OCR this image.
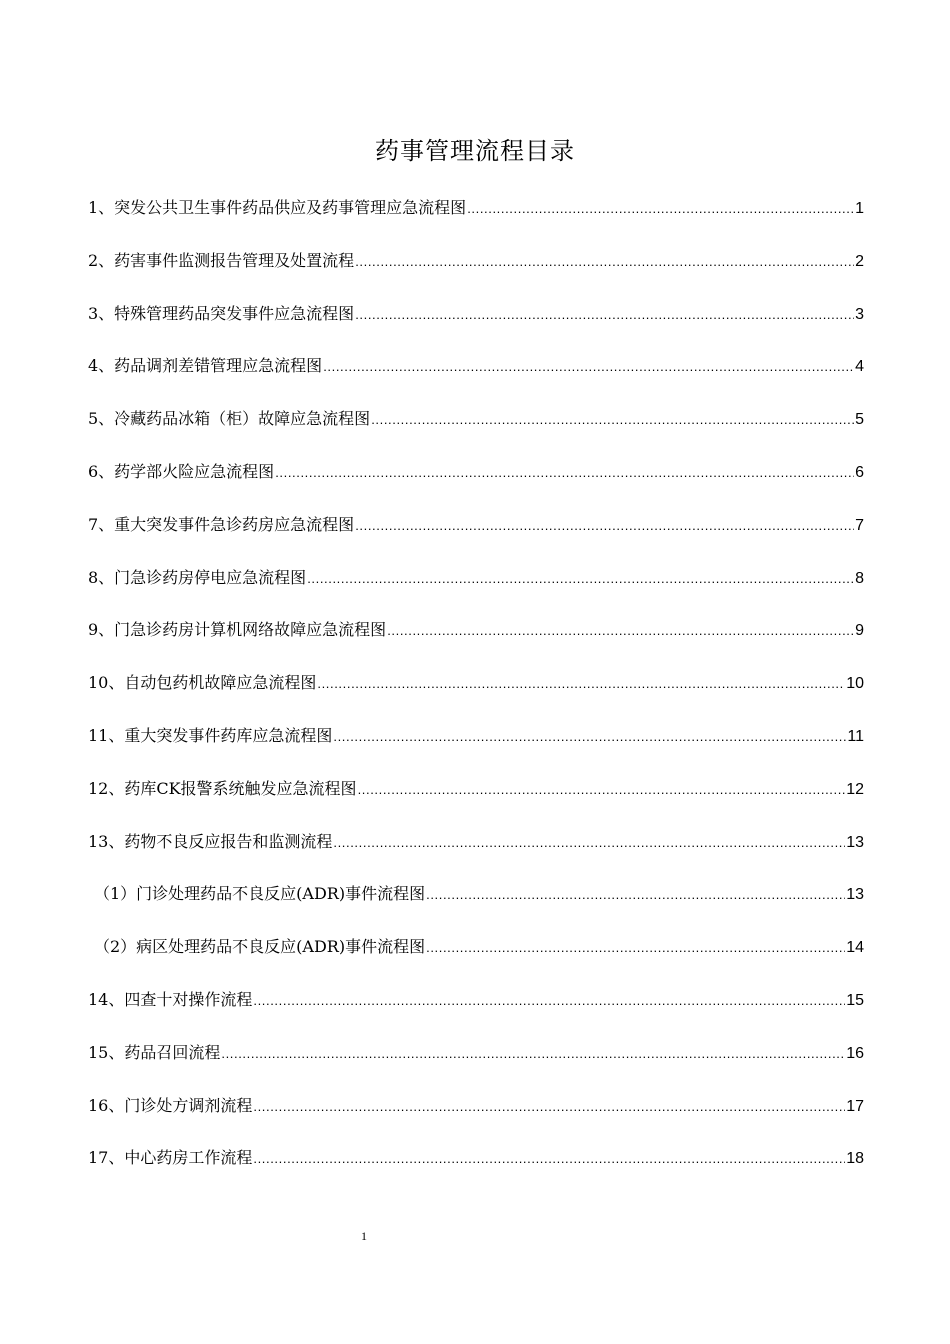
药事管理流程目录
1、突发公共卫生事件药品供应及药事管理应急流程图 .....	1
2、药害事件监测报告管理及处置流程 .....	2
3、特殊管理药品突发事件应急流程图 .....	3
4、药品调剂差错管理应急流程图 .....	4
5、冷藏药品冰箱（柜）故障应急流程图 .....	5
6、药学部火险应急流程图 .....	6
7、重大突发事件急诊药房应急流程图 .....	7
8、门急诊药房停电应急流程图 .....	8
9、门急诊药房计算机网络故障应急流程图 .....	9
10、自动包药机故障应急流程图 .....	10
11、重大突发事件药库应急流程图 .....	11
12、药库CK报警系统触发应急流程图 .....	12
13、药物不良反应报告和监测流程 .....	13
（1）门诊处理药品不良反应(ADR)事件流程图 .....	13
（2）病区处理药品不良反应(ADR)事件流程图 .....	14
14、四查十对操作流程 .....	15
15、药品召回流程 .....	16
16、门诊处方调剂流程 .....	17
17、中心药房工作流程 .....	18
1
